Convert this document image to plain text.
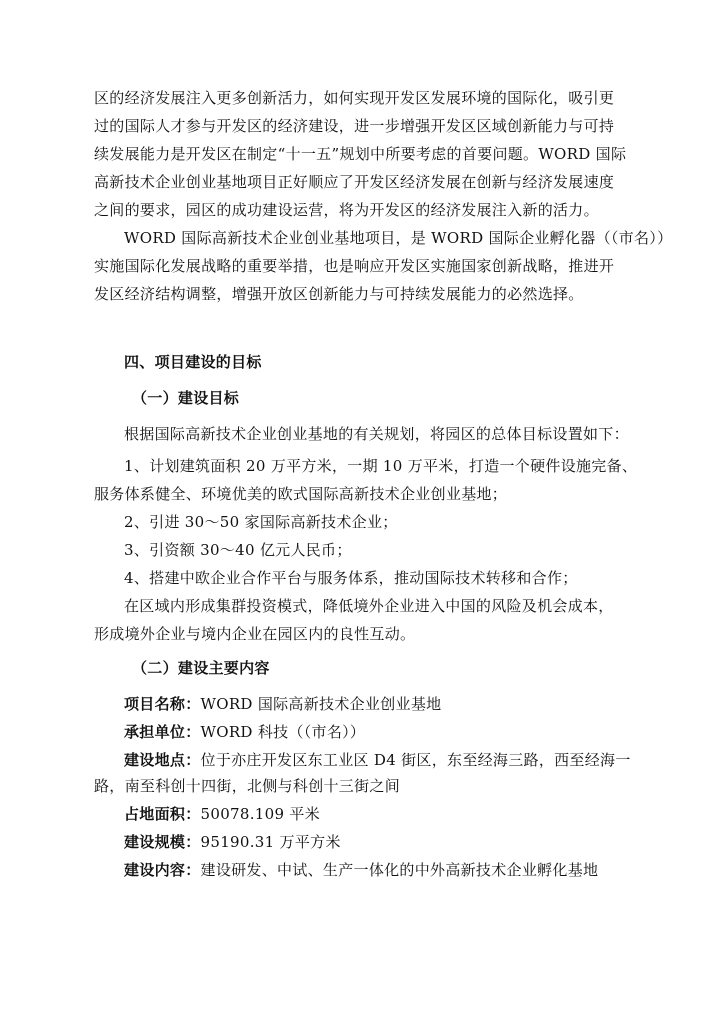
区的经济发展注入更多创新活力，如何实现开发区发展环境的国际化，吸引更
过的国际人才参与开发区的经济建设，进一步增强开发区区域创新能力与可持
续发展能力是开发区在制定“十一五”规划中所要考虑的首要问题。WORD 国际
高新技术企业创业基地项目正好顺应了开发区经济发展在创新与经济发展速度
之间的要求，园区的成功建设运营，将为开发区的经济发展注入新的活力。
WORD 国际高新技术企业创业基地项目，是 WORD 国际企业孵化器（（市名））
实施国际化发展战略的重要举措，也是响应开发区实施国家创新战略，推进开
发区经济结构调整，增强开放区创新能力与可持续发展能力的必然选择。
四、项目建设的目标
（一）建设目标
根据国际高新技术企业创业基地的有关规划，将园区的总体目标设置如下：
1、计划建筑面积 20 万平方米，一期 10 万平米，打造一个硬件设施完备、
服务体系健全、环境优美的欧式国际高新技术企业创业基地；
2、引进 30～50 家国际高新技术企业；
3、引资额 30～40 亿元人民币；
4、搭建中欧企业合作平台与服务体系，推动国际技术转移和合作；
在区域内形成集群投资模式，降低境外企业进入中国的风险及机会成本，
形成境外企业与境内企业在园区内的良性互动。
（二）建设主要内容
项目名称：WORD 国际高新技术企业创业基地
承担单位：WORD 科技（（市名））
建设地点：位于亦庄开发区东工业区 D4 街区，东至经海三路，西至经海一
路，南至科创十四街，北侧与科创十三街之间
占地面积：50078.109 平米
建设规模：95190.31 万平方米
建设内容：建设研发、中试、生产一体化的中外高新技术企业孵化基地
